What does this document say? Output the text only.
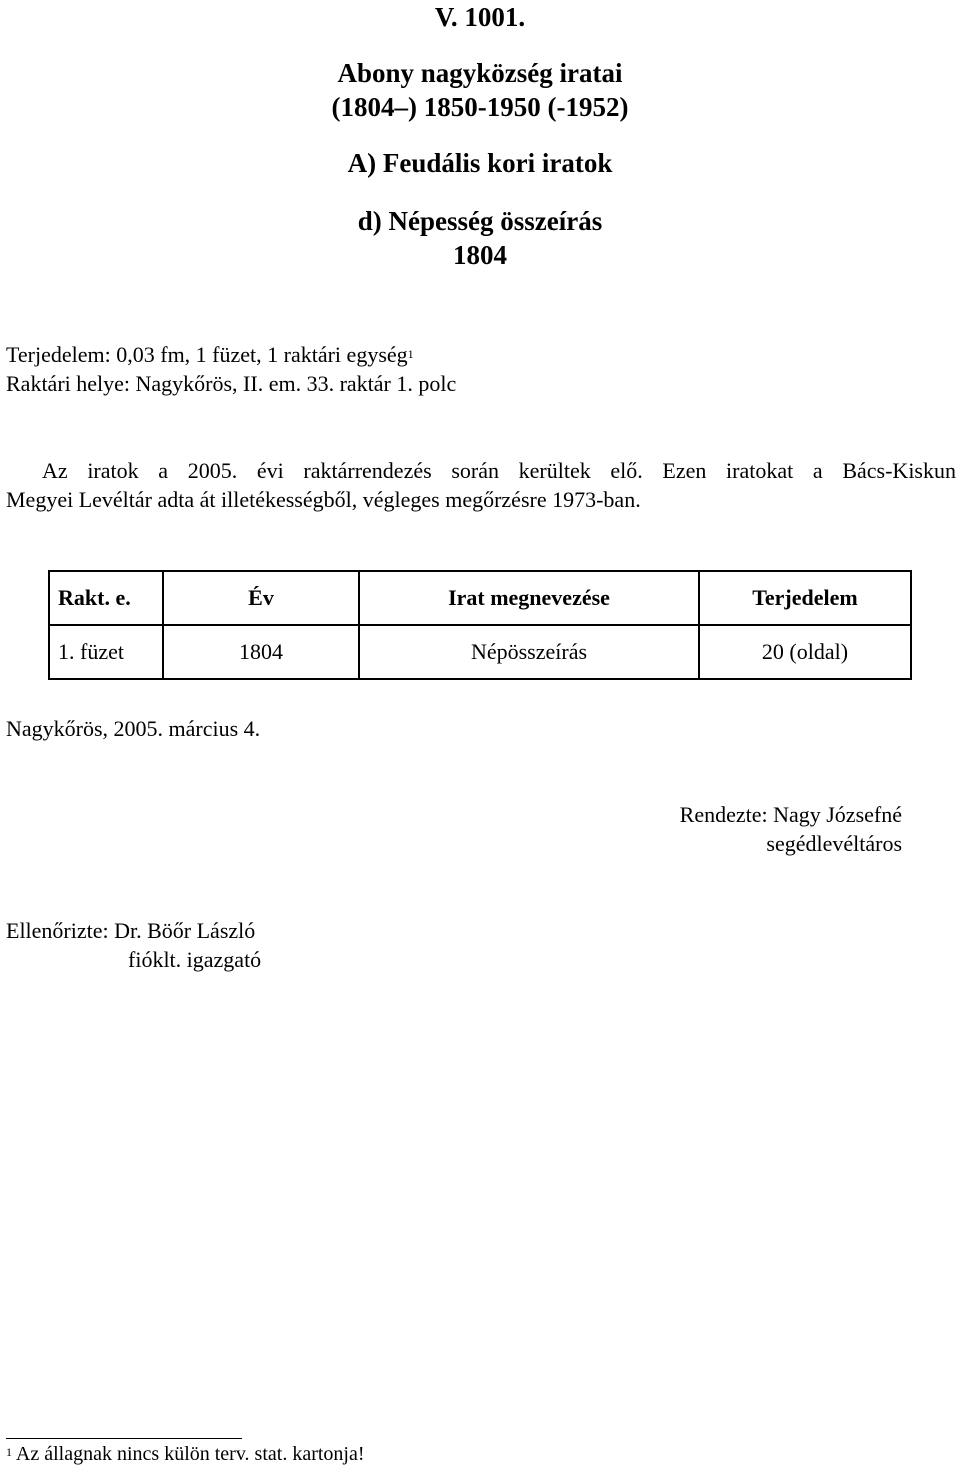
V. 1001.
Abony nagyközség iratai
(1804–) 1850-1950 (-1952)
A) Feudális kori iratok
d) Népesség összeírás
1804
Terjedelem: 0,03 fm, 1 füzet, 1 raktári egység$^1$
Raktári helye: Nagykőrös, II. em. 33. raktár 1. polc
Az iratok a 2005. évi raktárrendezés során kerültek elő. Ezen iratokat a Bács-Kiskun
Megyei Levéltár adta át illetékességből, végleges megőrzésre 1973-ban.
Rakt. e.	Év	Irat megnevezése	Terjedelem
1. füzet	1804	Népösszeírás	20 (oldal)
Nagykőrös, 2005. március 4.
Rendezte: Nagy Józsefné
segédlevéltáros
Ellenőrizte: Dr. Böőr László
fióklt. igazgató
$^1$ Az állagnak nincs külön terv. stat. kartonja!
